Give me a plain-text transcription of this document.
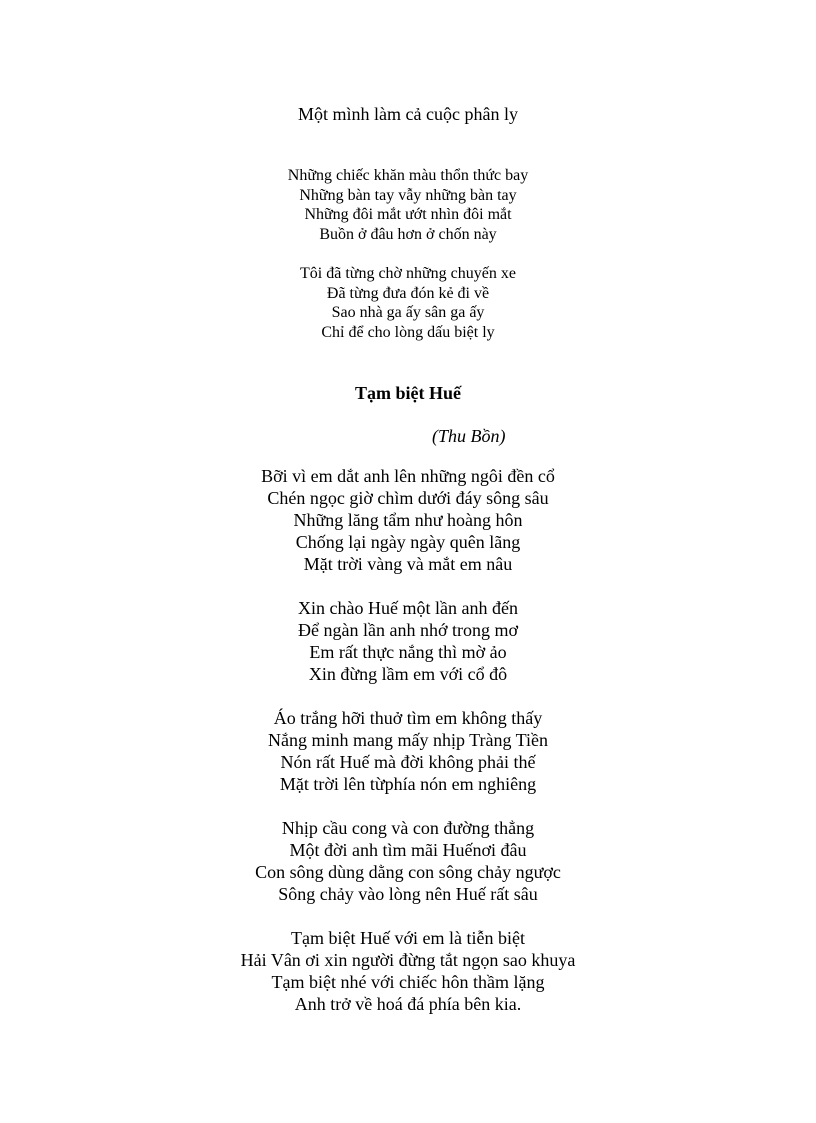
Một mình làm cả cuộc phân ly
Những chiếc khăn màu thổn thức bay
Những bàn tay vẫy những bàn tay
Những đôi mắt ướt nhìn đôi mắt
Buồn ở đâu hơn ở chốn này
Tôi đã từng chờ những chuyến xe
Đã từng đưa đón kẻ đi về
Sao nhà ga ấy sân ga ấy
Chỉ để cho lòng dấu biệt ly
Tạm biệt Huế
(Thu Bồn)
Bỡi vì em dắt anh lên những ngôi đền cổ
Chén ngọc giờ chìm dưới đáy sông sâu
Những lăng tẩm như hoàng hôn
Chống lại ngày ngày quên lãng
Mặt trời vàng và mắt em nâu
Xin chào Huế một lần anh đến
Để ngàn lần anh nhớ trong mơ
Em rất thực nắng thì mờ ảo
Xin đừng lầm em với cổ đô
Áo trắng hỡi thuở tìm em không thấy
Nắng minh mang mấy nhịp Tràng Tiền
Nón rất Huế mà đời không phải thế
Mặt trời lên từphía nón em nghiêng
Nhịp cầu cong và con đường thẳng
Một đời anh tìm mãi Huếnơi đâu
Con sông dùng dằng con sông chảy ngược
Sông chảy vào lòng nên Huế rất sâu
Tạm biệt Huế với em là tiễn biệt
Hải Vân ơi xin người đừng tắt ngọn sao khuya
Tạm biệt nhé với chiếc hôn thầm lặng
Anh trở về hoá đá phía bên kia.
